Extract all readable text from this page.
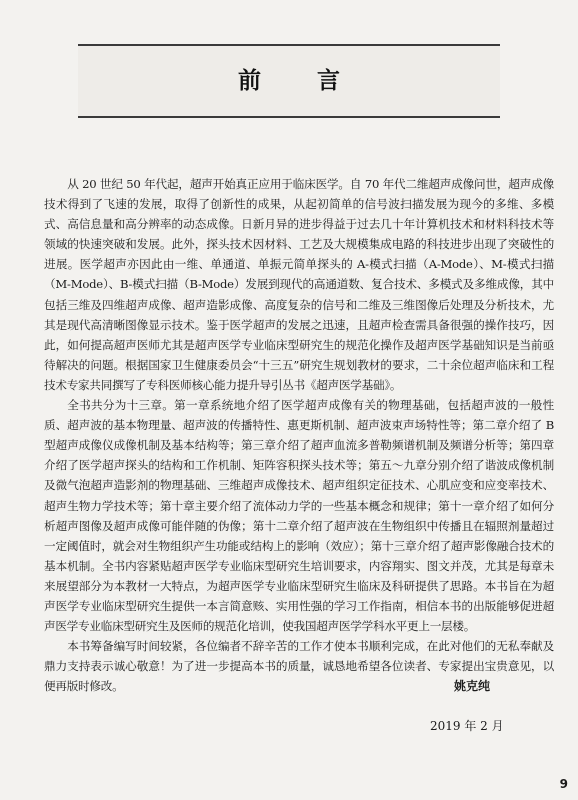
前 言

从 20 世纪 50 年代起，超声开始真正应用于临床医学。自 70 年代二维超声成像问世，超声成像技术得到了飞速的发展，取得了创新性的成果，从起初简单的信号波扫描发展为现今的多维、多模式、高信息量和高分辨率的动态成像。日新月异的进步得益于过去几十年计算机技术和材料科技术等领域的快速突破和发展。此外，探头技术因材料、工艺及大规模集成电路的科技进步出现了突破性的进展。医学超声亦因此由一维、单通道、单振元简单探头的 A-模式扫描（A-Mode）、M-模式扫描（M-Mode）、B-模式扫描（B-Mode）发展到现代的高通道数、复合技术、多模式及多维成像，其中包括三维及四维超声成像、超声造影成像、高度复杂的信号和二维及三维图像后处理及分析技术，尤其是现代高清晰图像显示技术。鉴于医学超声的发展之迅速，且超声检查需具备很强的操作技巧，因此，如何提高超声医师尤其是超声医学专业临床型研究生的规范化操作及超声医学基础知识是当前亟待解决的问题。根据国家卫生健康委员会“十三五”研究生规划教材的要求，二十余位超声临床和工程技术专家共同撰写了专科医师核心能力提升导引丛书《超声医学基础》。

全书共分为十三章。第一章系统地介绍了医学超声成像有关的物理基础，包括超声波的一般性质、超声波的基本物理量、超声波的传播特性、惠更斯机制、超声波束声场特性等；第二章介绍了 B 型超声成像仪成像机制及基本结构等；第三章介绍了超声血流多普勒频谱机制及频谱分析等；第四章介绍了医学超声探头的结构和工作机制、矩阵容积探头技术等；第五～九章分别介绍了谐波成像机制及微气泡超声造影剂的物理基础、三维超声成像技术、超声组织定征技术、心肌应变和应变率技术、超声生物力学技术等；第十章主要介绍了流体动力学的一些基本概念和规律；第十一章介绍了如何分析超声图像及超声成像可能伴随的伪像；第十二章介绍了超声波在生物组织中传播且在辐照剂量超过一定阈值时，就会对生物组织产生功能或结构上的影响（效应）；第十三章介绍了超声影像融合技术的基本机制。全书内容紧贴超声医学专业临床型研究生培训要求，内容翔实、图文并茂，尤其是每章未来展望部分为本教材一大特点，为超声医学专业临床型研究生临床及科研提供了思路。本书旨在为超声医学专业临床型研究生提供一本言简意赅、实用性强的学习工作指南，相信本书的出版能够促进超声医学专业临床型研究生及医师的规范化培训，使我国超声医学学科水平更上一层楼。

本书筹备编写时间较紧，各位编者不辞辛苦的工作才使本书顺利完成，在此对他们的无私奉献及鼎力支持表示诚心敬意！为了进一步提高本书的质量，诚恳地希望各位读者、专家提出宝贵意见，以便再版时修改。	姚克纯
2019 年 2 月
9
